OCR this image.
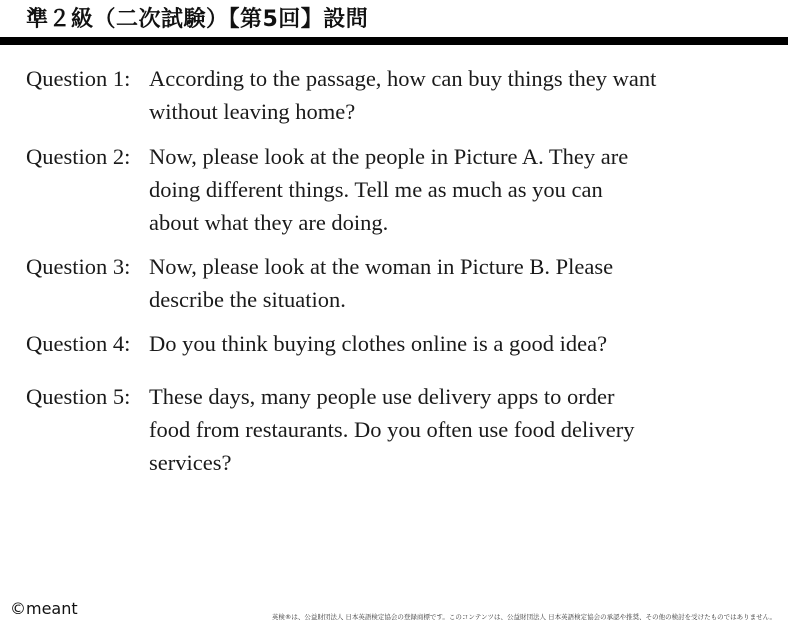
準２級（二次試験）【第5回】設問
Question 1: According to the passage, how can buy things they want
without leaving home?

Question 2: Now, please look at the people in Picture A. They are
doing different things. Tell me as much as you can
about what they are doing.

Question 3: Now, please look at the woman in Picture B. Please
describe the situation.

Question 4: Do you think buying clothes online is a good idea?

Question 5: These days, many people use delivery apps to order
food from restaurants. Do you often use food delivery
services?

©meant	英検®は、公益財団法人 日本英語検定協会の登録商標です。このコンテンツは、公益財団法人 日本英語検定協会の承認や推奨、その他の検討を受けたものではありません。
